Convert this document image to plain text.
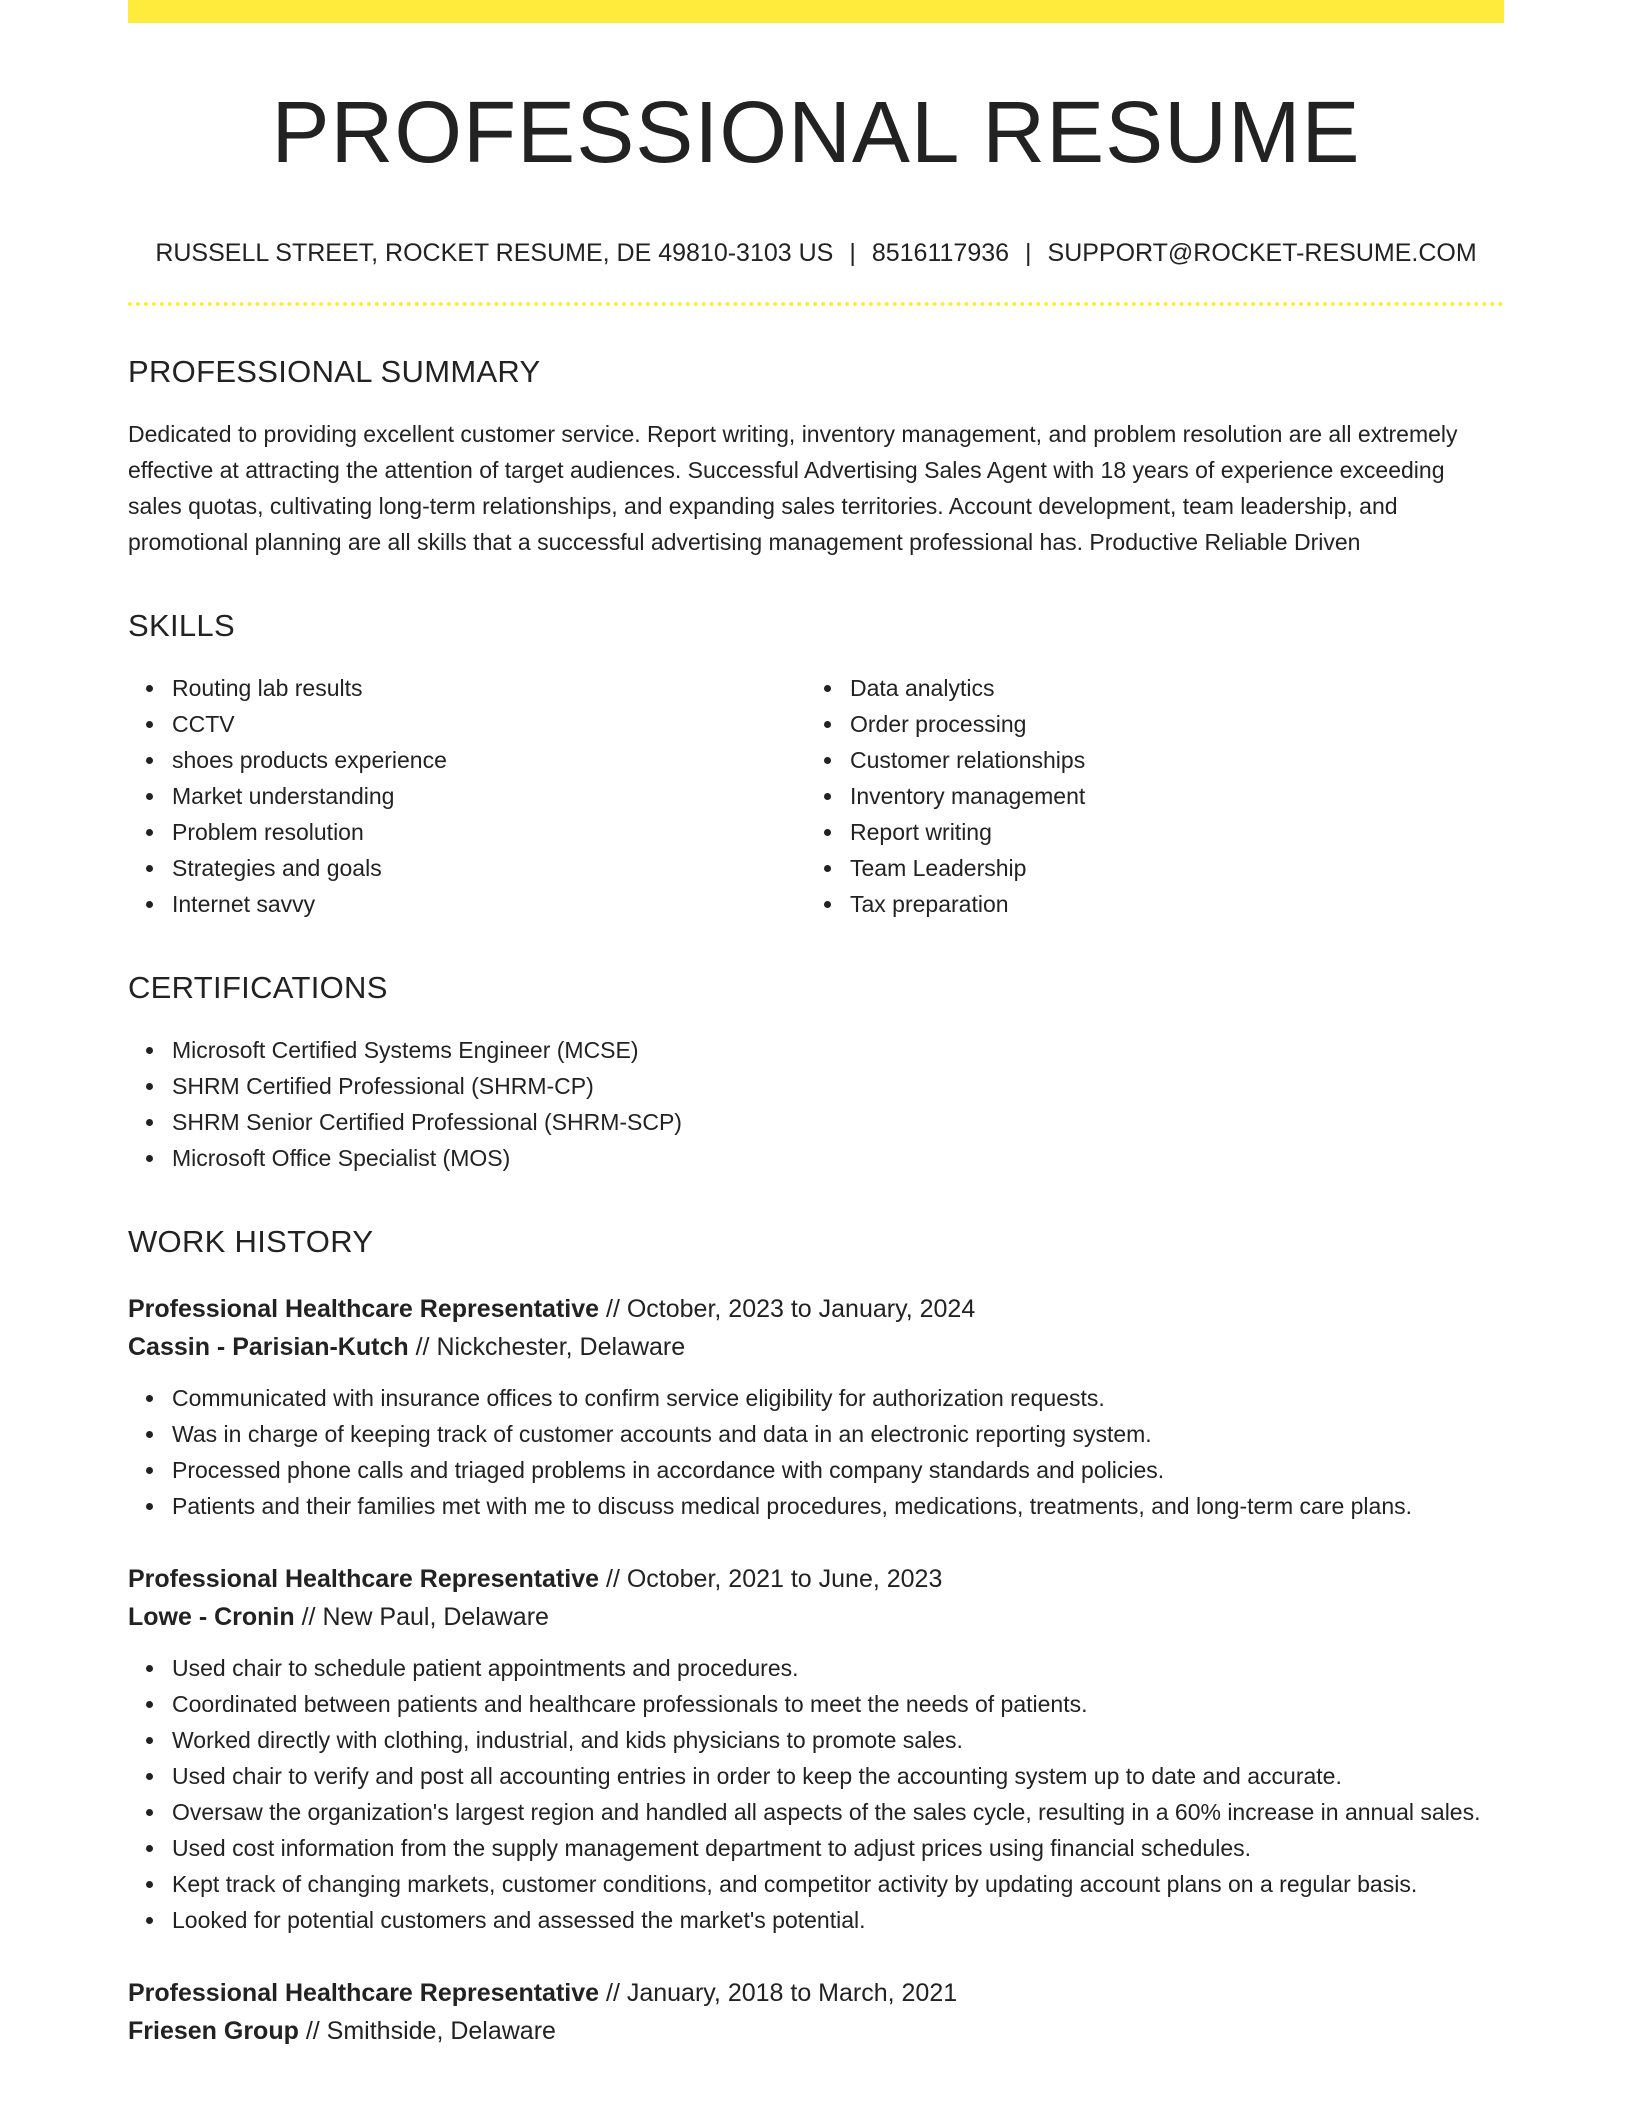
PROFESSIONAL RESUME
RUSSELL STREET, ROCKET RESUME, DE 49810-3103 US | 8516117936 | SUPPORT@ROCKET-RESUME.COM
PROFESSIONAL SUMMARY

Dedicated to providing excellent customer service. Report writing, inventory management, and problem resolution are all extremely effective at attracting the attention of target audiences. Successful Advertising Sales Agent with 18 years of experience exceeding sales quotas, cultivating long-term relationships, and expanding sales territories. Account development, team leadership, and promotional planning are all skills that a successful advertising management professional has. Productive Reliable Driven

SKILLS
Routing lab results
CCTV
shoes products experience
Market understanding
Problem resolution
Strategies and goals
Internet savvy
Data analytics
Order processing
Customer relationships
Inventory management
Report writing
Team Leadership
Tax preparation
CERTIFICATIONS
Microsoft Certified Systems Engineer (MCSE)
SHRM Certified Professional (SHRM-CP)
SHRM Senior Certified Professional (SHRM-SCP)
Microsoft Office Specialist (MOS)
WORK HISTORY
Professional Healthcare Representative // October, 2023 to January, 2024
Cassin - Parisian-Kutch // Nickchester, Delaware
Communicated with insurance offices to confirm service eligibility for authorization requests.
Was in charge of keeping track of customer accounts and data in an electronic reporting system.
Processed phone calls and triaged problems in accordance with company standards and policies.
Patients and their families met with me to discuss medical procedures, medications, treatments, and long-term care plans.
Professional Healthcare Representative // October, 2021 to June, 2023
Lowe - Cronin // New Paul, Delaware
Used chair to schedule patient appointments and procedures.
Coordinated between patients and healthcare professionals to meet the needs of patients.
Worked directly with clothing, industrial, and kids physicians to promote sales.
Used chair to verify and post all accounting entries in order to keep the accounting system up to date and accurate.
Oversaw the organization's largest region and handled all aspects of the sales cycle, resulting in a 60% increase in annual sales.
Used cost information from the supply management department to adjust prices using financial schedules.
Kept track of changing markets, customer conditions, and competitor activity by updating account plans on a regular basis.
Looked for potential customers and assessed the market's potential.
Professional Healthcare Representative // January, 2018 to March, 2021
Friesen Group // Smithside, Delaware
